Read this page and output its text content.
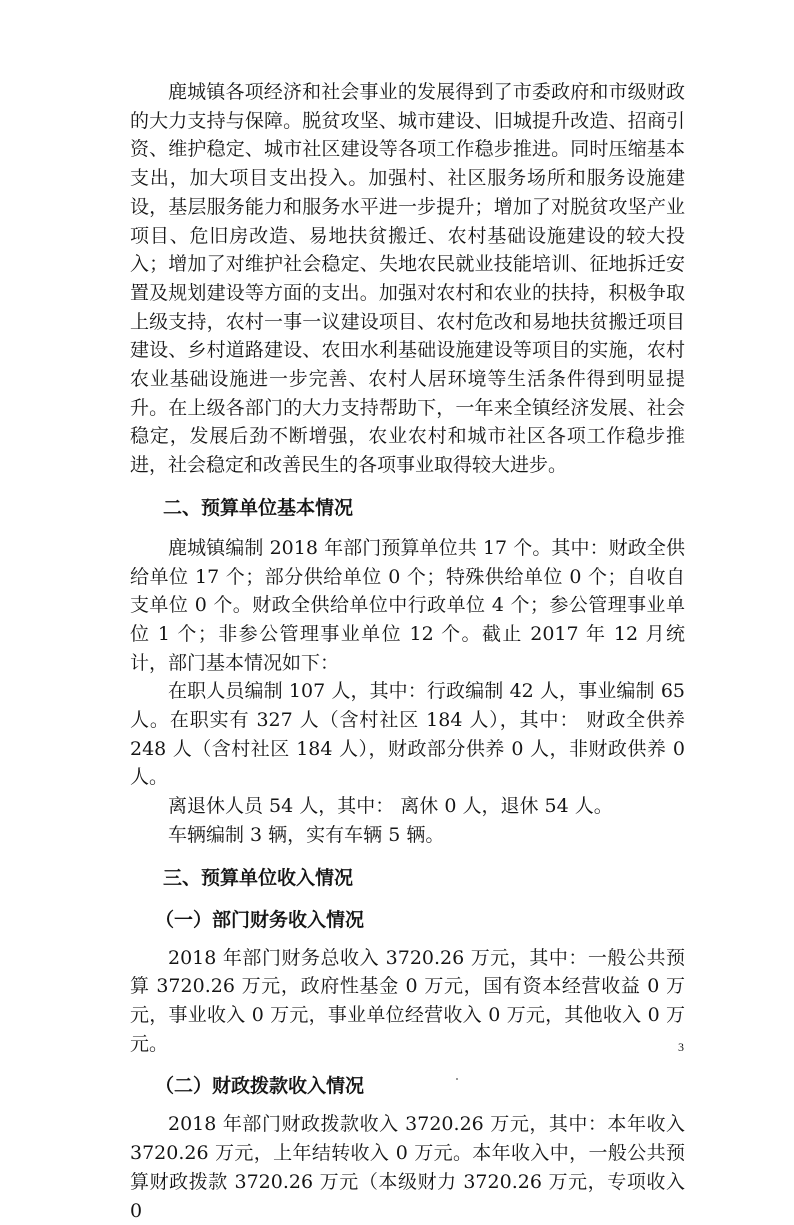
鹿城镇各项经济和社会事业的发展得到了市委政府和市级财政的大力支持与保障。脱贫攻坚、城市建设、旧城提升改造、招商引资、维护稳定、城市社区建设等各项工作稳步推进。同时压缩基本支出，加大项目支出投入。加强村、社区服务场所和服务设施建设，基层服务能力和服务水平进一步提升；增加了对脱贫攻坚产业项目、危旧房改造、易地扶贫搬迁、农村基础设施建设的较大投入；增加了对维护社会稳定、失地农民就业技能培训、征地拆迁安置及规划建设等方面的支出。加强对农村和农业的扶持，积极争取上级支持，农村一事一议建设项目、农村危改和易地扶贫搬迁项目建设、乡村道路建设、农田水利基础设施建设等项目的实施，农村农业基础设施进一步完善、农村人居环境等生活条件得到明显提升。在上级各部门的大力支持帮助下，一年来全镇经济发展、社会稳定，发展后劲不断增强，农业农村和城市社区各项工作稳步推进，社会稳定和改善民生的各项事业取得较大进步。

二、预算单位基本情况

鹿城镇编制 2018 年部门预算单位共 17 个。其中：财政全供给单位 17 个；部分供给单位 0 个；特殊供给单位 0 个；自收自支单位 0 个。财政全供给单位中行政单位 4 个；参公管理事业单位 1 个；非参公管理事业单位 12 个。截止 2017 年 12 月统计，部门基本情况如下：

在职人员编制 107 人，其中：行政编制 42 人，事业编制 65 人。在职实有 327 人（含村社区 184 人），其中： 财政全供养 248 人（含村社区 184 人），财政部分供养 0 人，非财政供养 0 人。

离退休人员 54 人，其中： 离休 0 人，退休 54 人。

车辆编制 3 辆，实有车辆 5 辆。

三、预算单位收入情况

（一）部门财务收入情况

2018 年部门财务总收入 3720.26 万元，其中：一般公共预算 3720.26 万元，政府性基金 0 万元，国有资本经营收益 0 万元，事业收入 0 万元，事业单位经营收入 0 万元，其他收入 0 万元。

（二）财政拨款收入情况

2018 年部门财政拨款收入 3720.26 万元，其中：本年收入 3720.26 万元，上年结转收入 0 万元。本年收入中，一般公共预算财政拨款 3720.26 万元（本级财力 3720.26 万元，专项收入 0

3
